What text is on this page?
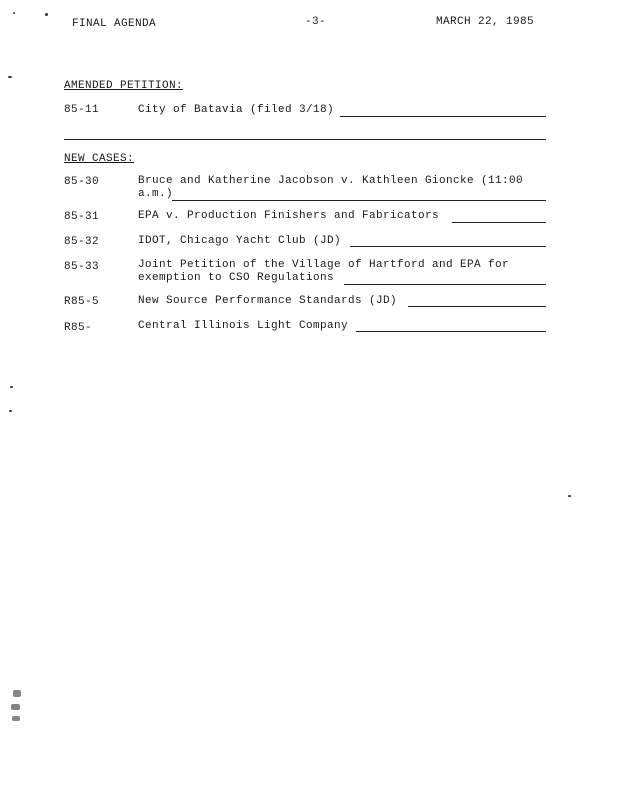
FINAL AGENDA	-3-	MARCH 22, 1985
AMENDED PETITION:
85-11	City of Batavia (filed 3/18)
NEW CASES:
85-30	Bruce and Katherine Jacobson v. Kathleen Gioncke (11:00
a.m.)
85-31	EPA v. Production Finishers and Fabricators
85-32	IDOT, Chicago Yacht Club (JD)
85-33	Joint Petition of the Village of Hartford and EPA for
exemption to CSO Regulations
R85-5	New Source Performance Standards (JD)
R85-	Central Illinois Light Company
